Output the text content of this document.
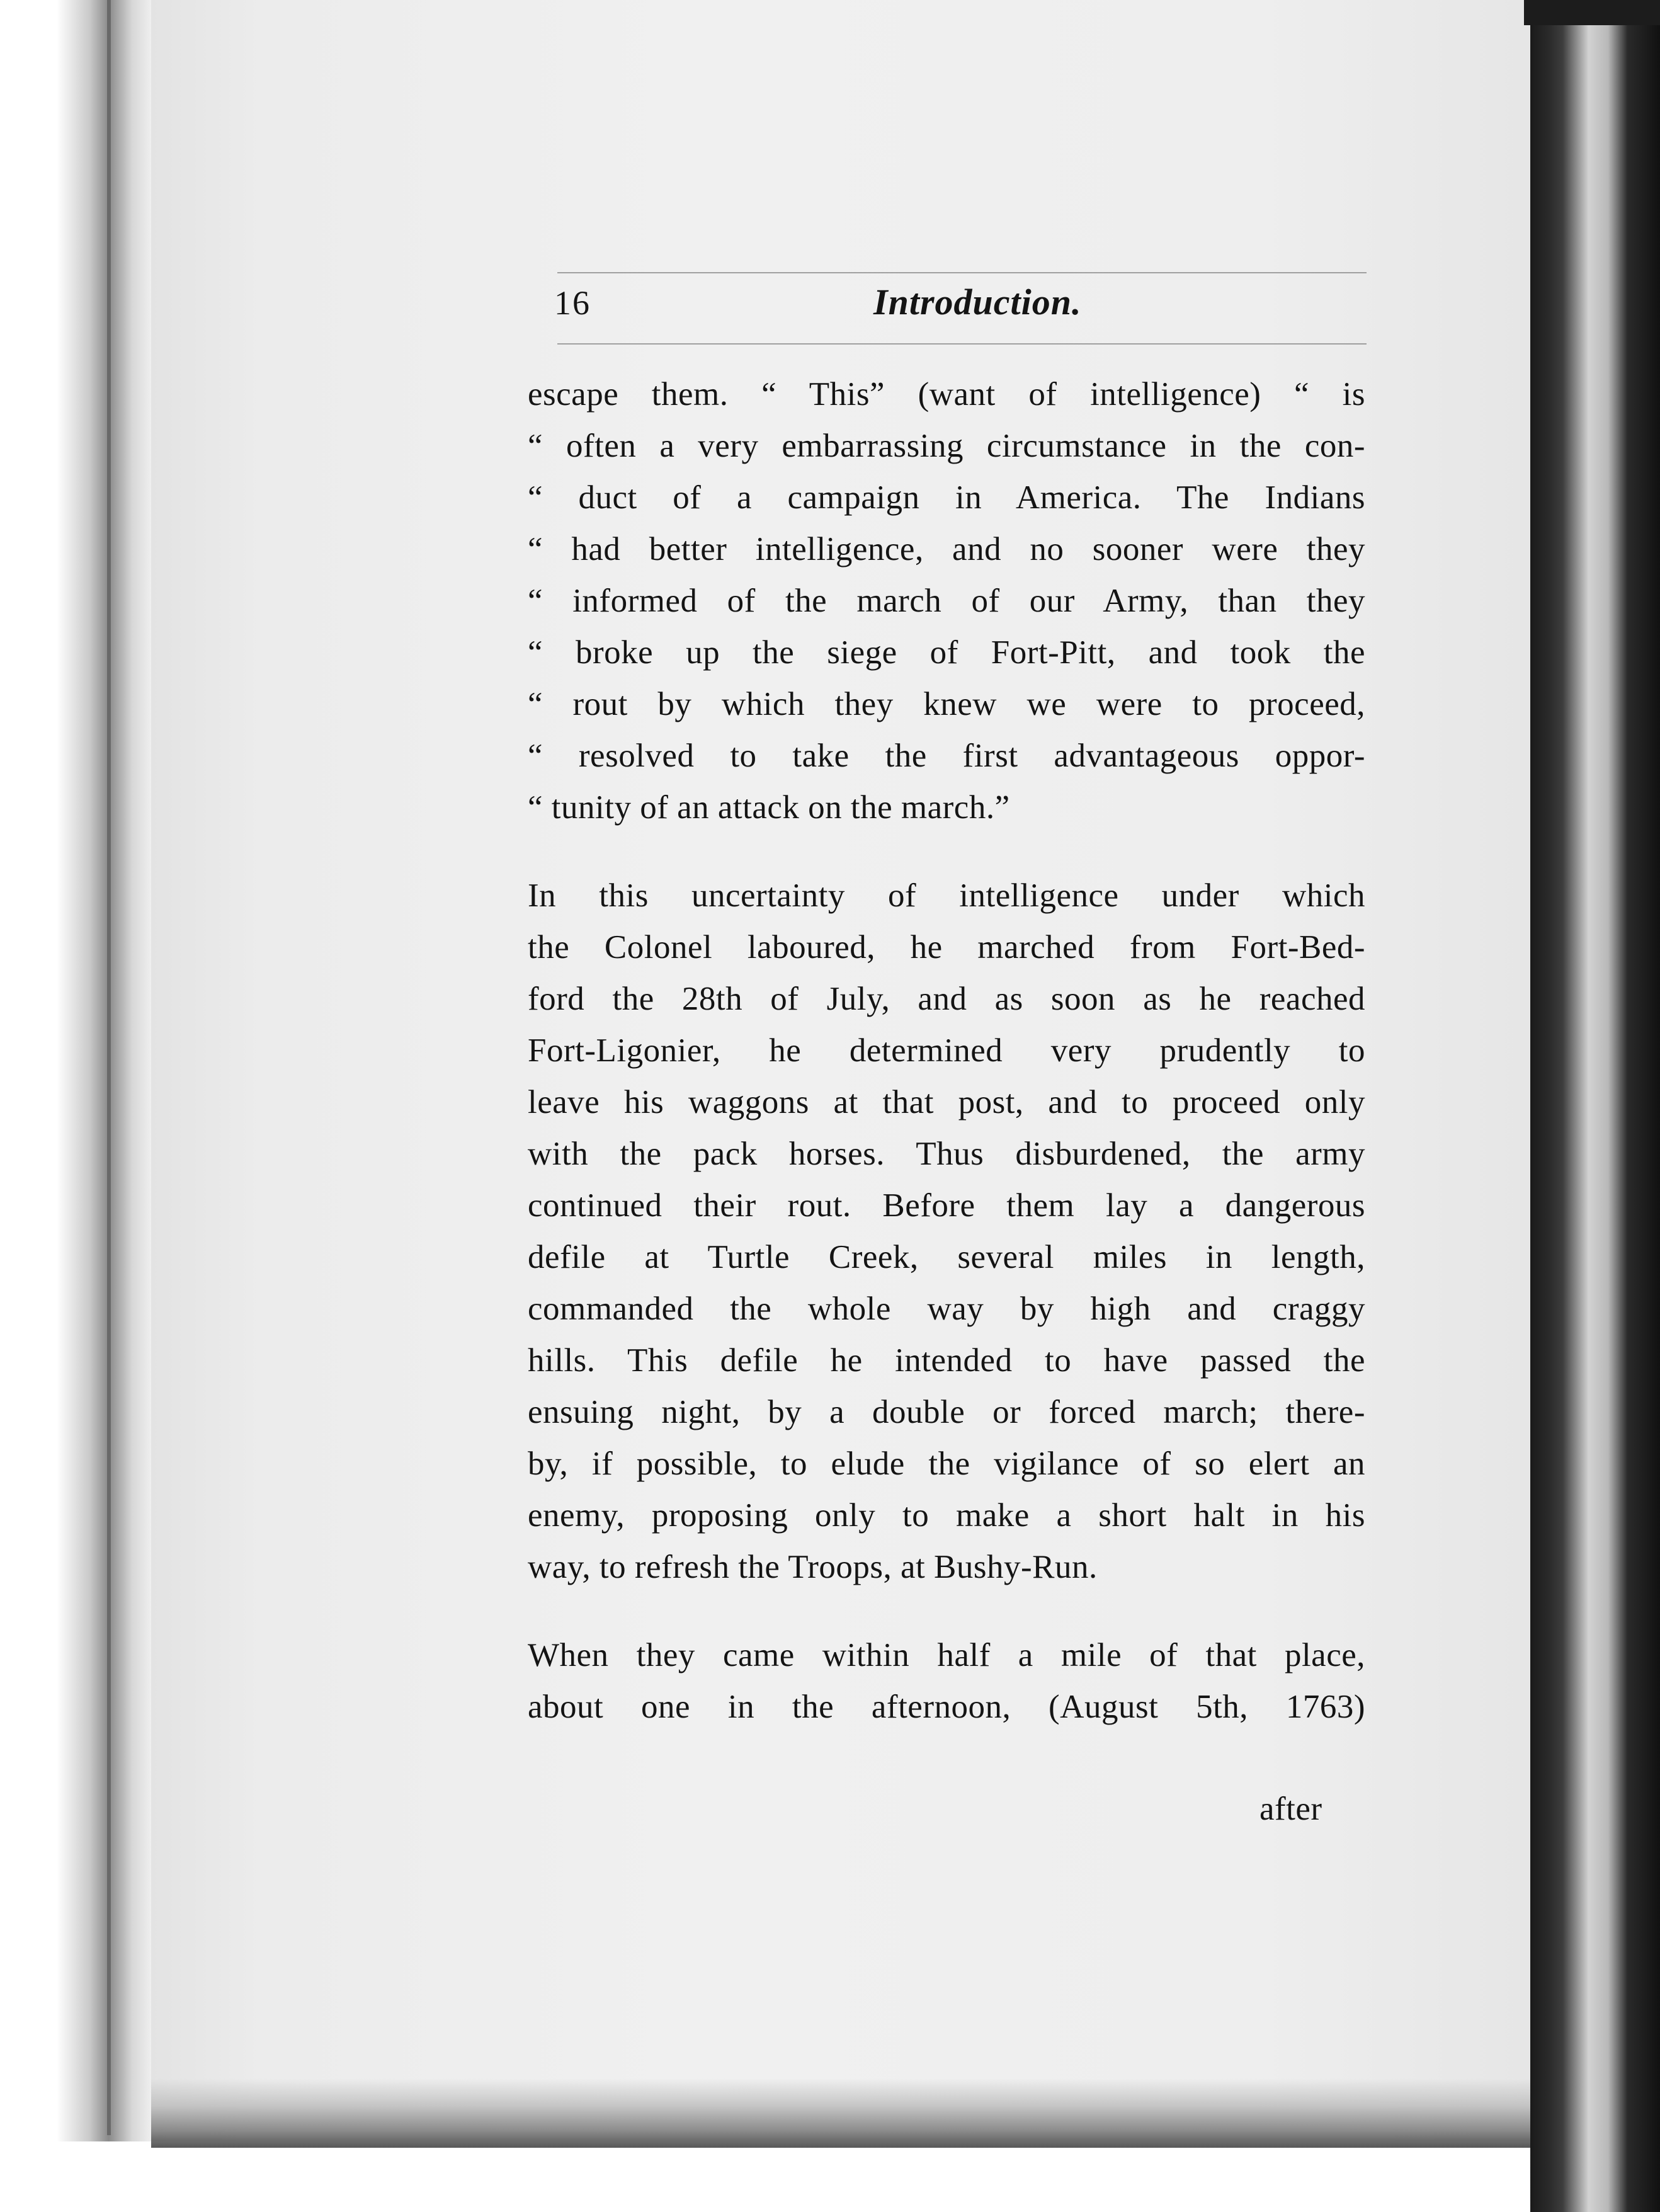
16	Introduction.
escape them. “ This” (want of intelligence) “ is
“ often a very embarrassing circumstance in the con-
“ duct of a campaign in America. The Indians
“ had better intelligence, and no sooner were they
“ informed of the march of our Army, than they
“ broke up the siege of Fort-Pitt, and took the
“ rout by which they knew we were to proceed,
“ resolved to take the first advantageous oppor-
“ tunity of an attack on the march.”
In this uncertainty of intelligence under which
the Colonel laboured, he marched from Fort-Bed-
ford the 28th of July, and as soon as he reached
Fort-Ligonier, he determined very prudently to
leave his waggons at that post, and to proceed only
with the pack horses. Thus disburdened, the army
continued their rout. Before them lay a dangerous
defile at Turtle Creek, several miles in length,
commanded the whole way by high and craggy
hills. This defile he intended to have passed the
ensuing night, by a double or forced march; there-
by, if possible, to elude the vigilance of so elert an
enemy, proposing only to make a short halt in his
way, to refresh the Troops, at Bushy-Run.
When they came within half a mile of that place,
about one in the afternoon, (August 5th, 1763)
after
